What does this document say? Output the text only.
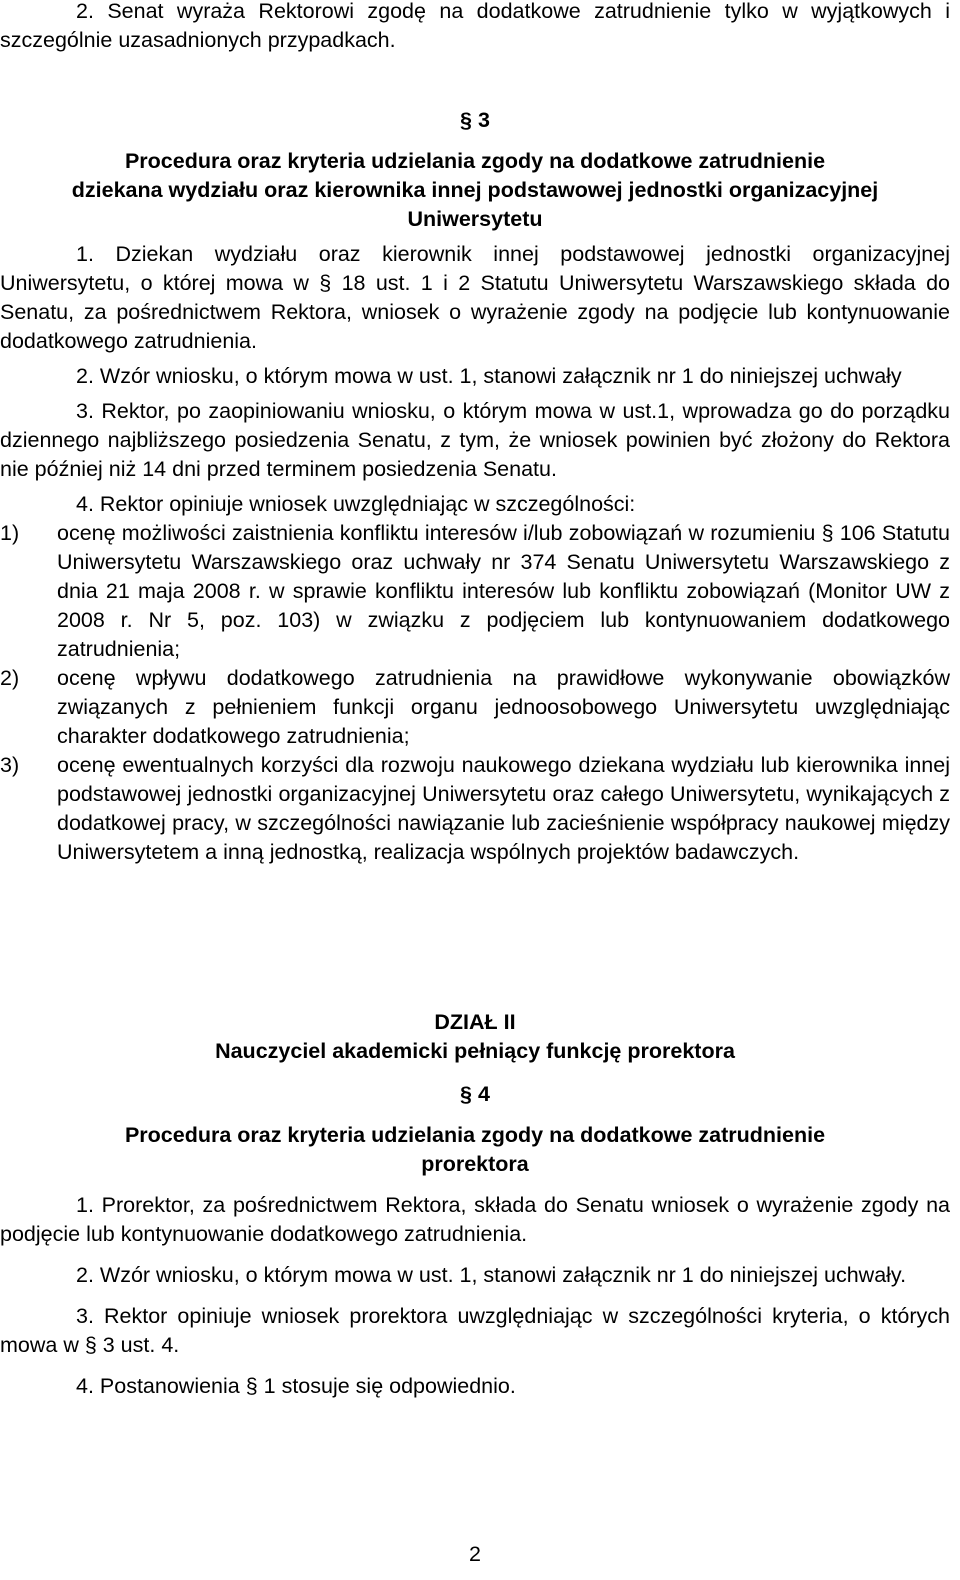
2. Senat wyraża Rektorowi zgodę na dodatkowe zatrudnienie tylko w wyjątkowych i szczególnie uzasadnionych przypadkach.

§ 3

Procedura oraz kryteria udzielania zgody na dodatkowe zatrudnienie

dziekana wydziału oraz kierownika innej podstawowej jednostki organizacyjnej

Uniwersytetu

1. Dziekan wydziału oraz kierownik innej podstawowej jednostki organizacyjnej Uniwersytetu, o której mowa w § 18 ust. 1 i 2 Statutu Uniwersytetu Warszawskiego składa do Senatu, za pośrednictwem Rektora, wniosek o wyrażenie zgody na podjęcie lub kontynuowanie dodatkowego zatrudnienia.

2. Wzór wniosku, o którym mowa w ust. 1, stanowi załącznik nr 1 do niniejszej uchwały

3. Rektor, po zaopiniowaniu wniosku, o którym mowa w ust.1, wprowadza go do porządku dziennego najbliższego posiedzenia Senatu, z tym, że wniosek powinien być złożony do Rektora nie później niż 14 dni przed terminem posiedzenia Senatu.

4. Rektor opiniuje wniosek uwzględniając w szczególności:

1) ocenę możliwości zaistnienia konfliktu interesów i/lub zobowiązań w rozumieniu § 106 Statutu Uniwersytetu Warszawskiego oraz uchwały nr 374 Senatu Uniwersytetu Warszawskiego z dnia 21 maja 2008 r. w sprawie konfliktu interesów lub konfliktu zobowiązań (Monitor UW z 2008 r. Nr 5, poz. 103) w związku z podjęciem lub kontynuowaniem dodatkowego zatrudnienia;
2) ocenę wpływu dodatkowego zatrudnienia na prawidłowe wykonywanie obowiązków związanych z pełnieniem funkcji organu jednoosobowego Uniwersytetu uwzględniając charakter dodatkowego zatrudnienia;
3) ocenę ewentualnych korzyści dla rozwoju naukowego dziekana wydziału lub kierownika innej podstawowej jednostki organizacyjnej Uniwersytetu oraz całego Uniwersytetu, wynikających z dodatkowej pracy, w szczególności nawiązanie lub zacieśnienie współpracy naukowej między Uniwersytetem a inną jednostką, realizacja wspólnych projektów badawczych.

DZIAŁ II

Nauczyciel akademicki pełniący funkcję prorektora

§ 4

Procedura oraz kryteria udzielania zgody na dodatkowe zatrudnienie

prorektora

1. Prorektor, za pośrednictwem Rektora, składa do Senatu wniosek o wyrażenie zgody na podjęcie lub kontynuowanie dodatkowego zatrudnienia.

2. Wzór wniosku, o którym mowa w ust. 1, stanowi załącznik nr 1 do niniejszej uchwały.

3. Rektor opiniuje wniosek prorektora uwzględniając w szczególności kryteria, o których mowa w § 3 ust. 4.

4. Postanowienia § 1 stosuje się odpowiednio.

2
